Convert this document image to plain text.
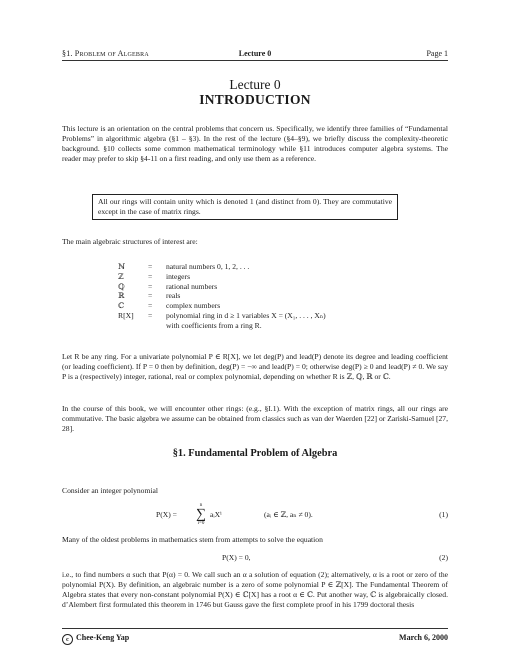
§1. Problem of Algebra	Lecture 0	Page 1
Lecture 0
INTRODUCTION
This lecture is an orientation on the central problems that concern us. Specifically, we identify three families of “Fundamental Problems” in algorithmic algebra (§1 – §3). In the rest of the lecture (§4–§9), we briefly discuss the complexity-theoretic background. §10 collects some common mathematical terminology while §11 introduces computer algebra systems. The reader may prefer to skip §4-11 on a first reading, and only use them as a reference.
All our rings will contain unity which is denoted 1 (and distinct from 0). They are commutative except in the case of matrix rings.
The main algebraic structures of interest are:
ℕ	= natural numbers 0, 1, 2, . . .
ℤ	= integers
ℚ	= rational numbers
ℝ	= reals
ℂ	= complex numbers
R[X]	= polynomial ring in d ≥ 1 variables X = (X₁, . . . , Xₙ)
with coefficients from a ring R.
Let R be any ring. For a univariate polynomial P ∈ R[X], we let deg(P) and lead(P) denote its degree and leading coefficient (or leading coefficient). If P = 0 then by definition, deg(P) = −∞ and lead(P) = 0; otherwise deg(P) ≥ 0 and lead(P) ≠ 0. We say P is a (respectively) integer, rational, real or complex polynomial, depending on whether R is ℤ, ℚ, ℝ or ℂ.
In the course of this book, we will encounter other rings: (e.g., §I.1). With the exception of matrix rings, all our rings are commutative. The basic algebra we assume can be obtained from classics such as van der Waerden [22] or Zariski-Samuel [27, 28].
§1. Fundamental Problem of Algebra
Consider an integer polynomial
P(X) =
n
∑
i=0
aᵢXⁱ	(aᵢ ∈ ℤ, aₙ ≠ 0).	(1)
Many of the oldest problems in mathematics stem from attempts to solve the equation
P(X) = 0,	(2)
i.e., to find numbers α such that P(α) = 0. We call such an α a solution of equation (2); alternatively, α is a root or zero of the polynomial P(X). By definition, an algebraic number is a zero of some polynomial P ∈ ℤ[X]. The Fundamental Theorem of Algebra states that every non-constant polynomial P(X) ∈ ℂ[X] has a root α ∈ ℂ. Put another way, ℂ is algebraically closed. d’Alembert first formulated this theorem in 1746 but Gauss gave the first complete proof in his 1799 doctoral thesis
c Chee-Keng Yap	March 6, 2000
